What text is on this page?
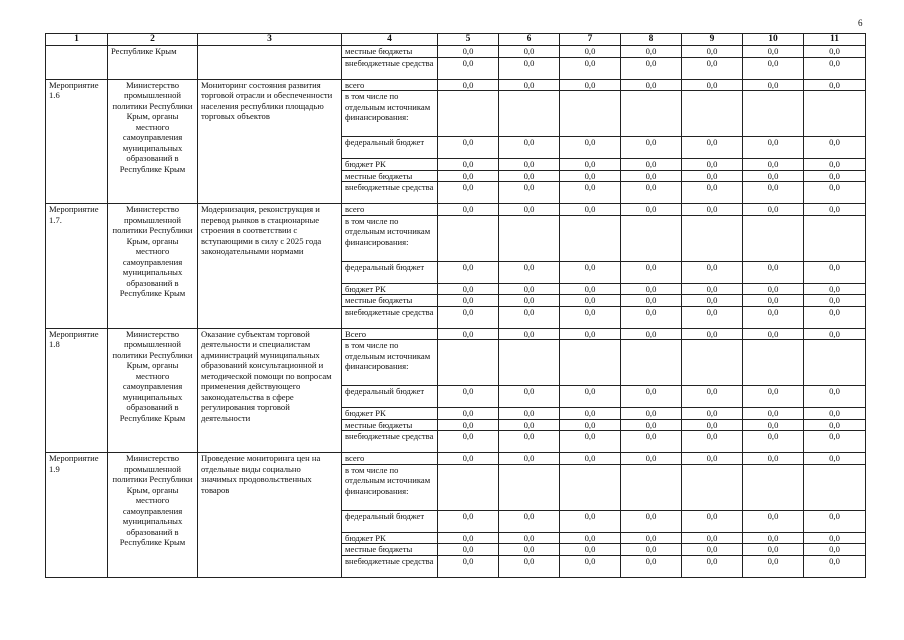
6
1	2	3	4	5	6	7	8	9	10	11
	Республике Крым		местные бюджеты	0,0	0,0	0,0	0,0	0,0	0,0	0,0
			внебюджетные средства	0,0	0,0	0,0	0,0	0,0	0,0	0,0
Мероприятие 1.6	Министерство промышленной политики Республики Крым, органы местного самоуправления муниципальных образований в Республике Крым	Мониторинг состояния развития торговой отрасли и обеспеченности населения республики площадью торговых объектов	всего	0,0	0,0	0,0	0,0	0,0	0,0	0,0
			в том числе по отдельным источникам финансирования:							
			федеральный бюджет	0,0	0,0	0,0	0,0	0,0	0,0	0,0
			бюджет РК	0,0	0,0	0,0	0,0	0,0	0,0	0,0
			местные бюджеты	0,0	0,0	0,0	0,0	0,0	0,0	0,0
			внебюджетные средства	0,0	0,0	0,0	0,0	0,0	0,0	0,0
Мероприятие 1.7.	Министерство промышленной политики Республики Крым, органы местного самоуправления муниципальных образований в Республике Крым	Модернизация, реконструкция и перевод рынков в стационарные строения в соответствии с вступающими в силу с 2025 года законодательными нормами	всего	0,0	0,0	0,0	0,0	0,0	0,0	0,0
			в том числе по отдельным источникам финансирования:							
			федеральный бюджет	0,0	0,0	0,0	0,0	0,0	0,0	0,0
			бюджет РК	0,0	0,0	0,0	0,0	0,0	0,0	0,0
			местные бюджеты	0,0	0,0	0,0	0,0	0,0	0,0	0,0
			внебюджетные средства	0,0	0,0	0,0	0,0	0,0	0,0	0,0
Мероприятие 1.8	Министерство промышленной политики Республики Крым, органы местного самоуправления муниципальных образований в Республике Крым	Оказание субъектам торговой деятельности и специалистам администраций муниципальных образований консультационной и методической помощи по вопросам применения действующего законодательства в сфере регулирования торговой деятельности	Всего	0,0	0,0	0,0	0,0	0,0	0,0	0,0
			в том числе по отдельным источникам финансирования:							
			федеральный бюджет	0,0	0,0	0,0	0,0	0,0	0,0	0,0
			бюджет РК	0,0	0,0	0,0	0,0	0,0	0,0	0,0
			местные бюджеты	0,0	0,0	0,0	0,0	0,0	0,0	0,0
			внебюджетные средства	0,0	0,0	0,0	0,0	0,0	0,0	0,0
Мероприятие 1.9	Министерство промышленной политики Республики Крым, органы местного самоуправления муниципальных образований в Республике Крым	Проведение мониторинга цен на отдельные виды социально значимых продовольственных товаров	всего	0,0	0,0	0,0	0,0	0,0	0,0	0,0
			в том числе по отдельным источникам финансирования:							
			федеральный бюджет	0,0	0,0	0,0	0,0	0,0	0,0	0,0
			бюджет РК	0,0	0,0	0,0	0,0	0,0	0,0	0,0
			местные бюджеты	0,0	0,0	0,0	0,0	0,0	0,0	0,0
			внебюджетные средства	0,0	0,0	0,0	0,0	0,0	0,0	0,0
